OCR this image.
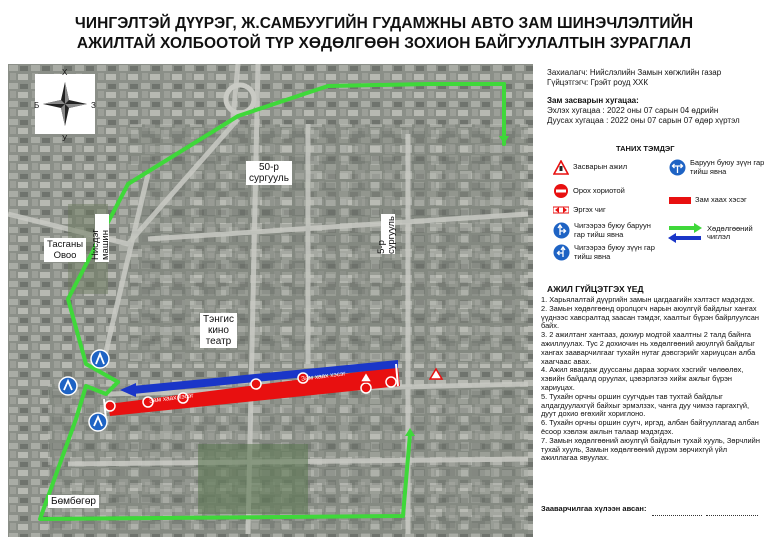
ЧИНГЭЛТЭЙ ДҮҮРЭГ, Ж.САМБУУГИЙН ГУДАМЖНЫ АВТО ЗАМ ШИНЭЧЛЭЛТИЙН
АЖИЛТАЙ ХОЛБООТОЙ ТҮР ХӨДӨЛГӨӨН ЗОХИОН БАЙГУУЛАЛТЫН ЗУРАГЛАЛ
Х
У
Б	З
50-р
сургууль
Нисдэг
машин
Тасганы
Овоо
5-р
сургууль
Тэнгис
кино
театр
Бөмбөгөр
Зам хаах хэсэг
Зам хаах хэсэг

Захиалагч: Нийслэлийн Замын хөгжлийн газар

Гүйцэтгэгч: Грэйт роуд ХХК

Зам засварын хугацаа:

Эхлэх хугацаа : 2022 оны 07 сарын 04 өдрийн

Дуусах хугацаа : 2022 оны 07 сарын 07 өдөр хүртэл

ТАНИХ ТЭМДЭГ
Засварын ажил
Орох хориотой
Эргэх чиг
Чигээрээ буюу баруун гар тийш явна
Чигээрээ буюу зүүн гар тийш явна
Баруун буюу зүүн гар тийш явна
Зам хаах хэсэг
Хөдөлгөөний чиглэл
АЖИЛ ГҮЙЦЭТГЭХ ҮЕД

1. Харьялалтай дүүргийн замын цагдаагийн хэлтэст мэдэгдэх.

2. Замын хөдөлгөөнд оролцогч нарын аюулгүй байдлыг хангах үүднээс хавсралтад заасан тэмдэг, хаалтыг бүрэн байрлуулсан байх.

3. 2 ажилтанг хантааз, дохиур модтой хаалтны 2 талд байнга ажиллуулах. Тус 2 дохиочин нь хөдөлгөөний аюулгүй байдлыг хангах зааварчилгааг тухайн нутаг дэвсгэрийг хариуцсан алба хаагчаас авах.

4. Ажил явагдаж дууссаны дараа зорчих хэсгийг чөлөөлөх, хэвийн байдалд оруулах, цэвэрлэгээ хийж ажлыг бүрэн хариуцах.

5. Тухайн орчны оршин суугчдын тав тухтай байдлыг алдагдуулахгүй байхыг эрмэлзэх, чанга дуу чимээ гаргахгүй, дуут дохио өгөхийг хориглоно.

6. Тухайн орчны оршин суугч, иргэд, албан байгууллагад албан ёсоор хэвлэж ажлын талаар мэдэгдэх.

7. Замын хөдөлгөөний аюулгүй байдлын тухай хууль, Зөрчлийн тухай хууль, Замын хөдөлгөөний дүрэм зөрчихгүй үйл ажиллагаа явуулах.

Зааварчилгаа хүлээн авсан:
